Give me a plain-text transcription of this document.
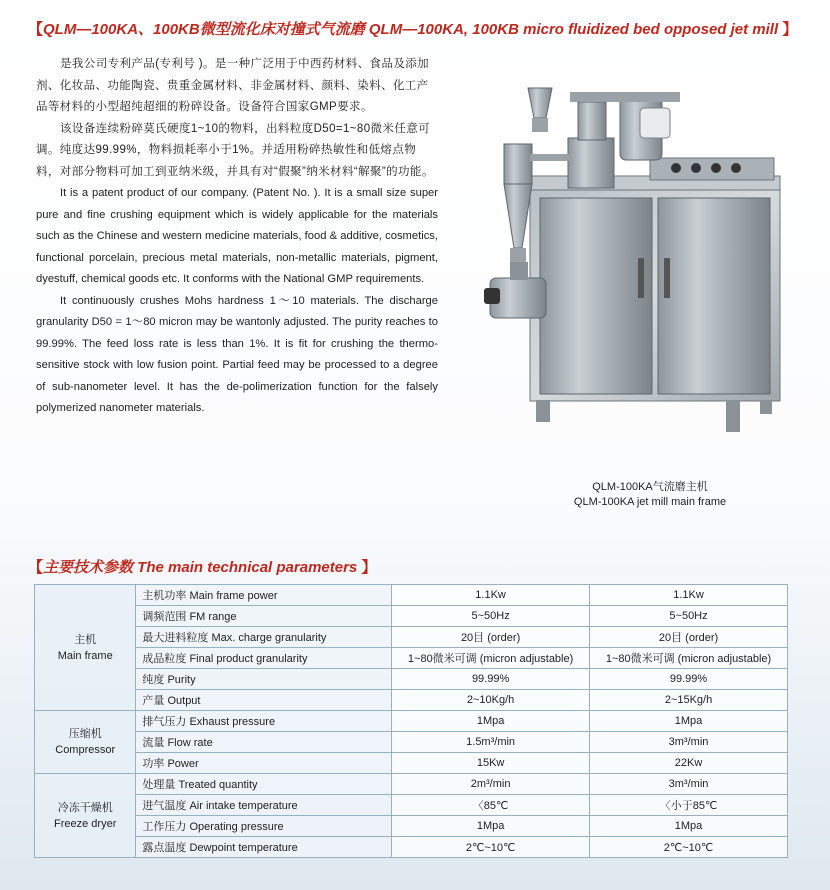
【QLM—100KA、100KB微型流化床对撞式气流磨 QLM—100KA, 100KB micro fluidized bed opposed jet mill 】

是我公司专利产品(专利号 )。是一种广泛用于中西药材料、食品及添加剂、化妆品、功能陶瓷、贵重金属材料、非金属材料、颜料、染料、化工产品等材料的小型超纯超细的粉碎设备。设备符合国家GMP要求。

该设备连续粉碎莫氏硬度1~10的物料，出料粒度D50=1~80微米任意可调。纯度达99.99%，物料损耗率小于1%。并适用粉碎热敏性和低熔点物料，对部分物料可加工到亚纳米级，并具有对“假聚”纳米材料“解聚”的功能。

It is a patent product of our company. (Patent No. ). It is a small size super pure and fine crushing equipment which is widely applicable for the materials such as the Chinese and western medicine materials, food & additive, cosmetics, functional porcelain, precious metal materials, non-metallic materials, pigment, dyestuff, chemical goods etc. It conforms with the National GMP requirements.

It continuously crushes Mohs hardness 1～10 materials. The discharge granularity D50 = 1～80 micron may be wantonly adjusted. The purity reaches to 99.99%. The feed loss rate is less than 1%. It is fit for crushing the thermo-sensitive stock with low fusion point. Partial feed may be processed to a degree of sub-nanometer level. It has the de-polimerization function for the falsely polymerized nanometer materials.

QLM-100KA气流磨主机
QLM-100KA jet mill main frame
【主要技术参数 The main technical parameters 】
主机
Main frame	主机功率 Main frame power	1.1Kw	1.1Kw
	调频范围 FM range	5~50Hz	5~50Hz
	最大进料粒度 Max. charge granularity	20目 (order)	20目 (order)
	成品粒度 Final product granularity	1~80微米可调 (micron adjustable)	1~80微米可调 (micron adjustable)
	纯度 Purity	99.99%	99.99%
	产量 Output	2~10Kg/h	2~15Kg/h

压缩机
Compressor	排气压力 Exhaust pressure	1Mpa	1Mpa
	流量 Flow rate	1.5m³/min	3m³/min
	功率 Power	15Kw	22Kw

冷冻干燥机
Freeze dryer	处理量 Treated quantity	2m³/min	3m³/min
	进气温度 Air intake temperature	〈85℃	〈小于85℃
	工作压力 Operating pressure	1Mpa	1Mpa
	露点温度 Dewpoint temperature	2℃~10℃	2℃~10℃
